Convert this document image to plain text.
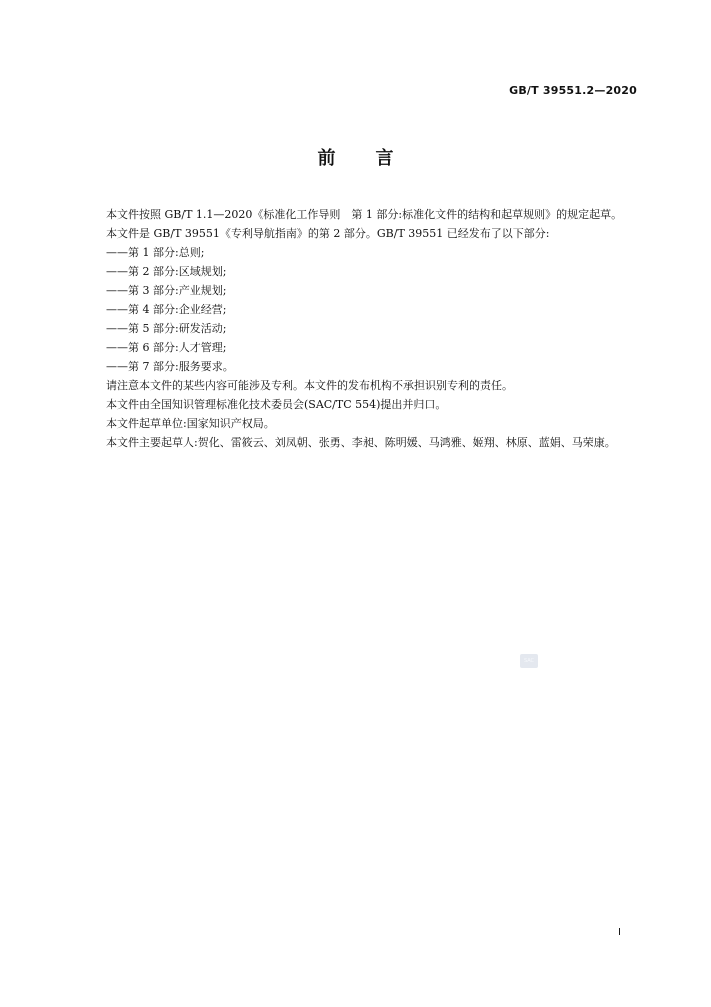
GB/T 39551.2—2020
前言

本文件按照 GB/T 1.1—2020《标准化工作导则　第 1 部分:标准化文件的结构和起草规则》的规定起草。

本文件是 GB/T 39551《专利导航指南》的第 2 部分。GB/T 39551 已经发布了以下部分:

——第 1 部分:总则;
——第 2 部分:区域规划;
——第 3 部分:产业规划;
——第 4 部分:企业经营;
——第 5 部分:研发活动;
——第 6 部分:人才管理;
——第 7 部分:服务要求。

请注意本文件的某些内容可能涉及专利。本文件的发布机构不承担识别专利的责任。

本文件由全国知识管理标准化技术委员会(SAC/TC 554)提出并归口。

本文件起草单位:国家知识产权局。

本文件主要起草人:贺化、雷筱云、刘凤朝、张勇、李昶、陈明媛、马鸿雅、姬翔、林原、蓝娟、马荣康。

SAC
I
